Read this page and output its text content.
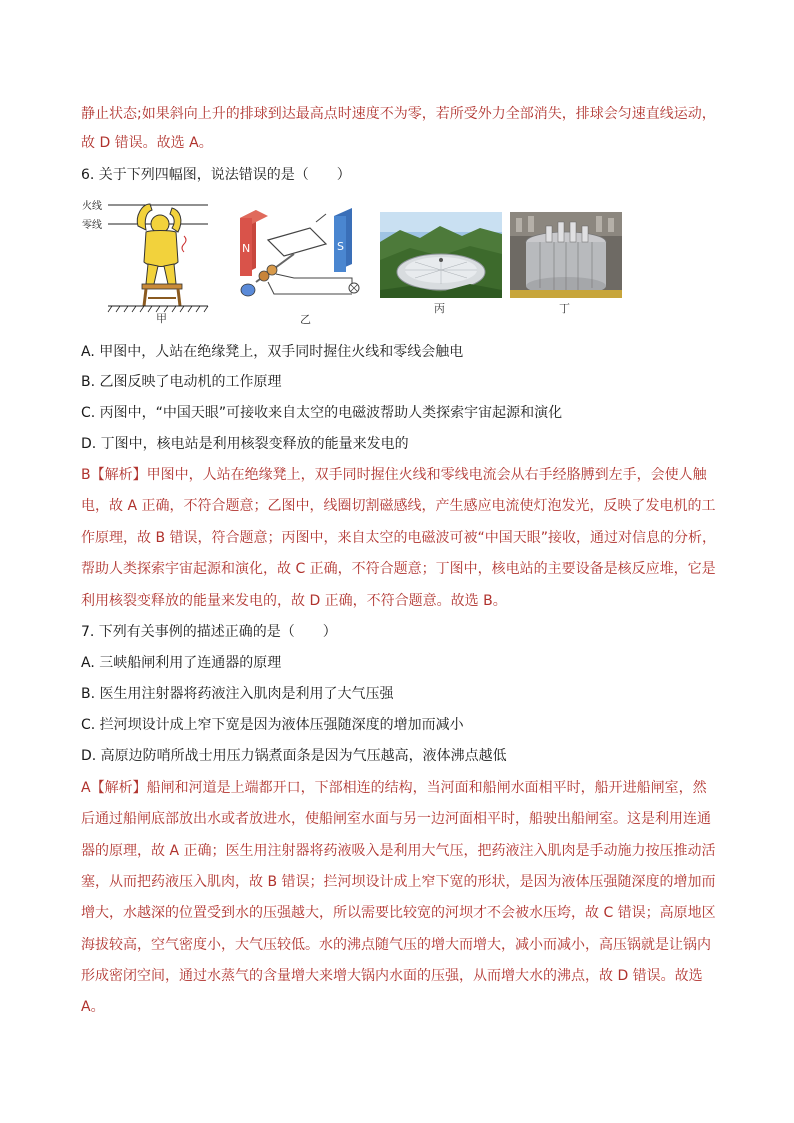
静止状态;如果斜向上升的排球到达最高点时速度不为零，若所受外力全部消失，排球会匀速直线运动，
故 D 错误。故选 A。
6. 关于下列四幅图，说法错误的是（　　）
火线
零线
甲
N	S
乙
丙	丁
A. 甲图中，人站在绝缘凳上，双手同时握住火线和零线会触电
B. 乙图反映了电动机的工作原理
C. 丙图中，“中国天眼”可接收来自太空的电磁波帮助人类探索宇宙起源和演化
D. 丁图中，核电站是利用核裂变释放的能量来发电的
B【解析】甲图中，人站在绝缘凳上，双手同时握住火线和零线电流会从右手经胳膊到左手，会使人触
电，故 A 正确，不符合题意；乙图中，线圈切割磁感线，产生感应电流使灯泡发光，反映了发电机的工
作原理，故 B 错误，符合题意；丙图中，来自太空的电磁波可被“中国天眼”接收，通过对信息的分析，
帮助人类探索宇宙起源和演化，故 C 正确，不符合题意；丁图中，核电站的主要设备是核反应堆，它是
利用核裂变释放的能量来发电的，故 D 正确，不符合题意。故选 B。
7. 下列有关事例的描述正确的是（　　）
A. 三峡船闸利用了连通器的原理
B. 医生用注射器将药液注入肌肉是利用了大气压强
C. 拦河坝设计成上窄下宽是因为液体压强随深度的增加而减小
D. 高原边防哨所战士用压力锅煮面条是因为气压越高，液体沸点越低
A【解析】船闸和河道是上端都开口，下部相连的结构，当河面和船闸水面相平时，船开进船闸室，然
后通过船闸底部放出水或者放进水，使船闸室水面与另一边河面相平时，船驶出船闸室。这是利用连通
器的原理，故 A 正确；医生用注射器将药液吸入是利用大气压，把药液注入肌肉是手动施力按压推动活
塞，从而把药液压入肌肉，故 B 错误；拦河坝设计成上窄下宽的形状，是因为液体压强随深度的增加而
增大，水越深的位置受到水的压强越大，所以需要比较宽的河坝才不会被水压垮，故 C 错误；高原地区
海拔较高，空气密度小，大气压较低。水的沸点随气压的增大而增大，减小而减小，高压锅就是让锅内
形成密闭空间，通过水蒸气的含量增大来增大锅内水面的压强，从而增大水的沸点，故 D 错误。故选
A。
